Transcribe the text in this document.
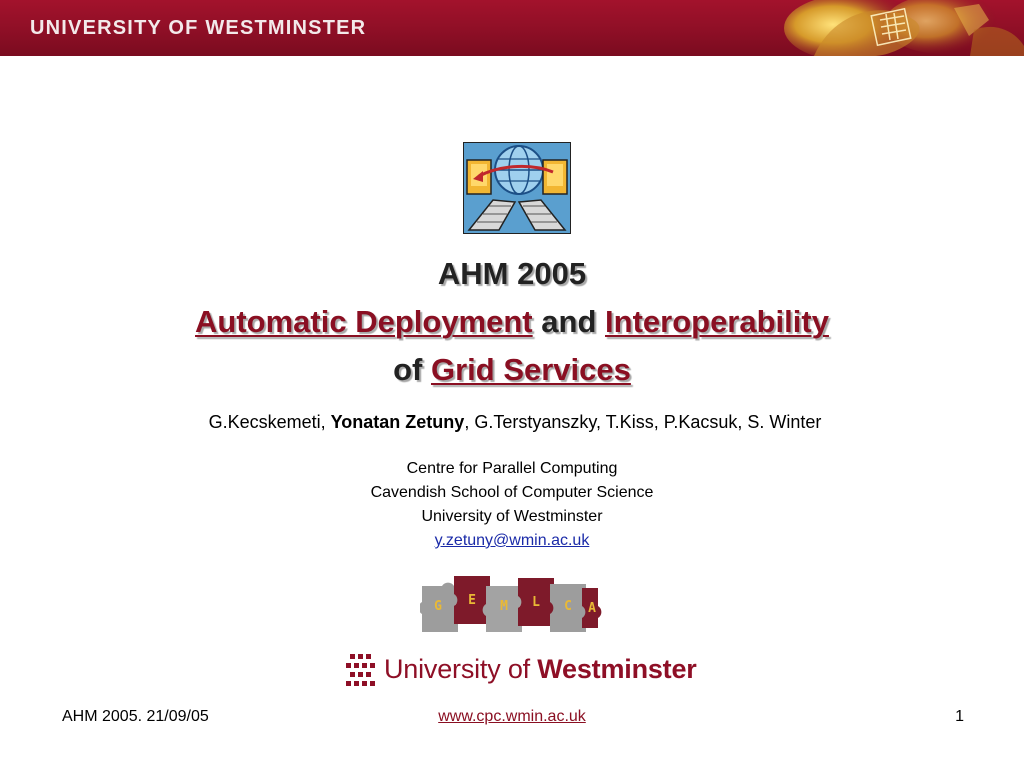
UNIVERSITY OF WESTMINSTER
AHM 2005
Automatic Deployment and Interoperability
of Grid Services
G.Kecskemeti, Yonatan Zetuny, G.Terstyanszky, T.Kiss, P.Kacsuk, S. Winter
Centre for Parallel Computing
Cavendish School of Computer Science
University of Westminster
y.zetuny@wmin.ac.uk
G E M L C A
University of Westminster
AHM 2005. 21/09/05	www.cpc.wmin.ac.uk	1
